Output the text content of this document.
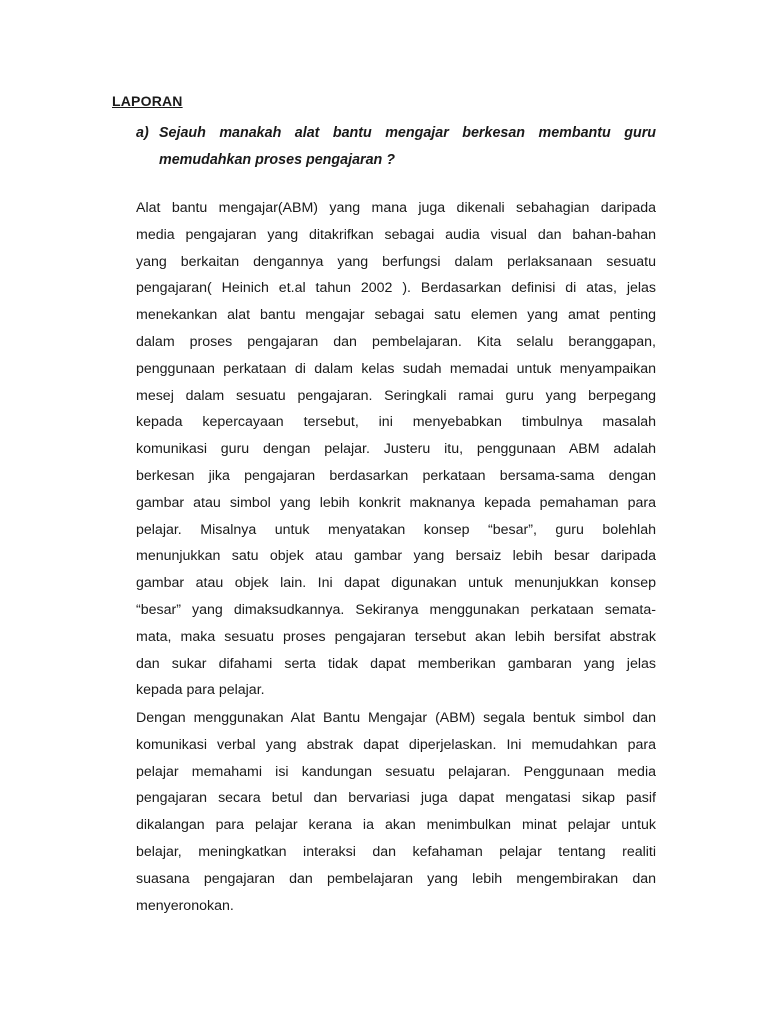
LAPORAN
a) Sejauh manakah alat bantu mengajar berkesan membantu guru memudahkan proses pengajaran ?
Alat bantu mengajar(ABM) yang mana juga dikenali sebahagian daripada
media pengajaran yang ditakrifkan sebagai audia visual dan bahan-bahan
yang berkaitan dengannya yang berfungsi dalam perlaksanaan sesuatu
pengajaran( Heinich et.al tahun 2002 ). Berdasarkan definisi di atas, jelas
menekankan alat bantu mengajar sebagai satu elemen yang amat penting
dalam proses pengajaran dan pembelajaran. Kita selalu beranggapan,
penggunaan perkataan di dalam kelas sudah memadai untuk menyampaikan
mesej dalam sesuatu pengajaran. Seringkali ramai guru yang berpegang
kepada kepercayaan tersebut, ini menyebabkan timbulnya masalah
komunikasi guru dengan pelajar. Justeru itu, penggunaan ABM adalah
berkesan jika pengajaran berdasarkan perkataan bersama-sama dengan
gambar atau simbol yang lebih konkrit maknanya kepada pemahaman para
pelajar. Misalnya untuk menyatakan konsep “besar”, guru bolehlah
menunjukkan satu objek atau gambar yang bersaiz lebih besar daripada
gambar atau objek lain. Ini dapat digunakan untuk menunjukkan konsep
“besar” yang dimaksudkannya. Sekiranya menggunakan perkataan semata-
mata, maka sesuatu proses pengajaran tersebut akan lebih bersifat abstrak
dan sukar difahami serta tidak dapat memberikan gambaran yang jelas
kepada para pelajar.
Dengan menggunakan Alat Bantu Mengajar (ABM) segala bentuk simbol dan
komunikasi verbal yang abstrak dapat diperjelaskan. Ini memudahkan para
pelajar memahami isi kandungan sesuatu pelajaran. Penggunaan media
pengajaran secara betul dan bervariasi juga dapat mengatasi sikap pasif
dikalangan para pelajar kerana ia akan menimbulkan minat pelajar untuk
belajar, meningkatkan interaksi dan kefahaman pelajar tentang realiti
suasana pengajaran dan pembelajaran yang lebih mengembirakan dan
menyeronokan.
